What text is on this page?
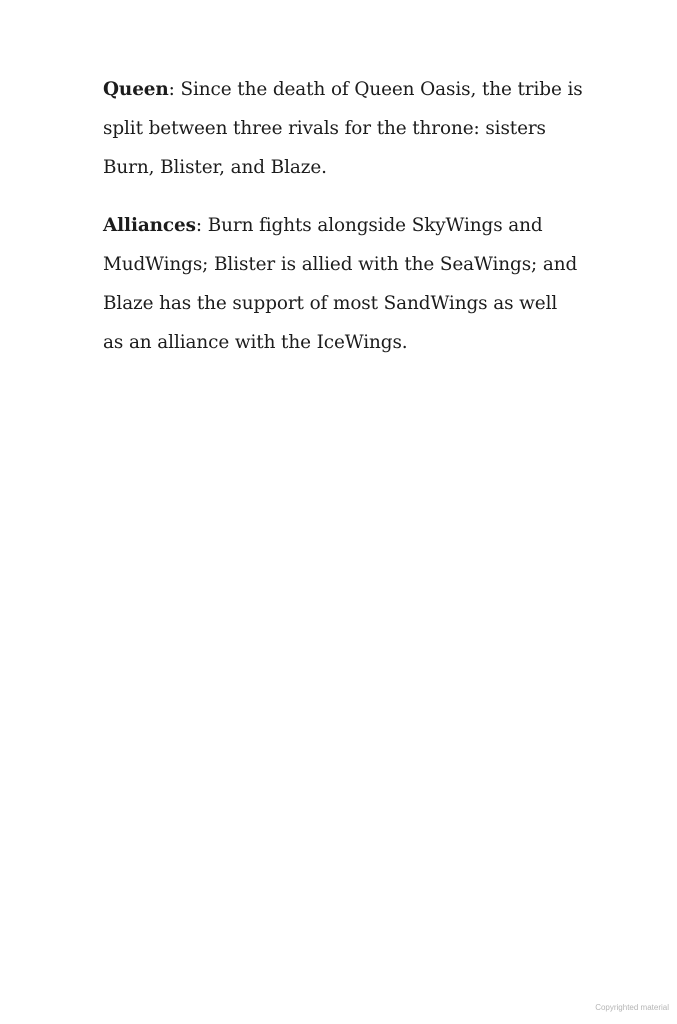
Queen: Since the death of Queen Oasis, the tribe is split between three rivals for the throne: sisters Burn, Blister, and Blaze.

Alliances: Burn fights alongside SkyWings and MudWings; Blister is allied with the SeaWings; and Blaze has the support of most SandWings as well as an alliance with the IceWings.

Copyrighted material
